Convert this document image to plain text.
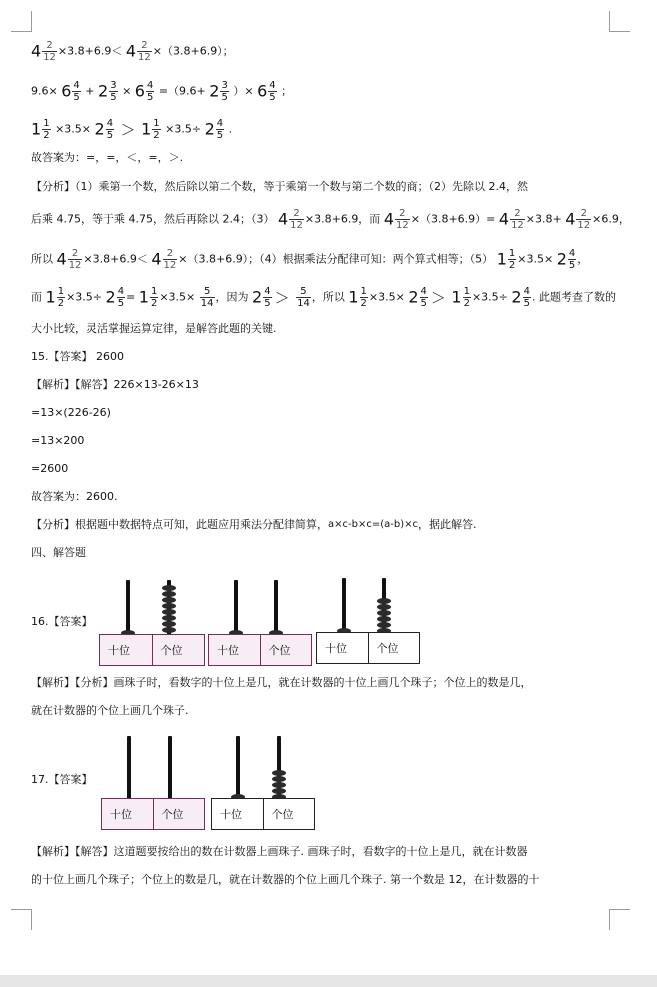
$4 \frac{2}{12} \times 3.8+6.9< 4 \frac{2}{12} \times(3.8+6.9)$；
$9.6\times 6 \frac{4}{5} + 2 \frac{3}{5} \times 6 \frac{4}{5} =(9.6+ 2 \frac{3}{5}$ ）× $6 \frac{4}{5}$ ；
$1 \frac{1}{2} \times 3.5\times 2 \frac{4}{5} > 1 \frac{1}{2} \times 3.5\div 2 \frac{4}{5}$ .
故答案为：=，=，＜，=，＞.
【分析】（1）乘第一个数，然后除以第二个数，等于乘第一个数与第二个数的商；（2）先除以 2.4，然
后乘 4.75，等于乘 4.75，然后再除以 2.4；（3） $4 \frac{2}{12} \times 3.8+6.9$，而 $4 \frac{2}{12} \times(3.8+6.9)= 4 \frac{2}{12} \times 3.8+ 4 \frac{2}{12} \times 6.9$，
所以 $4 \frac{2}{12} \times 3.8+6.9< 4 \frac{2}{12} \times(3.8+6.9)$；（4）根据乘法分配律可知：两个算式相等；（5） $1 \frac{1}{2} \times 3.5\times 2 \frac{4}{5}$ ，
而 $1 \frac{1}{2} \times 3.5\div 2 \frac{4}{5} = 1 \frac{1}{2} \times 3.5\times \frac{5}{14}$ ，因为 $2 \frac{4}{5} > \frac{5}{14}$ ，所以 $1 \frac{1}{2} \times 3.5\times 2 \frac{4}{5} > 1 \frac{1}{2} \times 3.5\div 2 \frac{4}{5}$ . 此题考查了数的
大小比较，灵活掌握运算定律，是解答此题的关键.
15.【答案】 2600
【解析】【解答】226×13-26×13
=13×(226-26)
=13×200
=2600
故答案为：2600.
【分析】根据题中数据特点可知，此题应用乘法分配律简算，a×c-b×c=(a-b)×c，据此解答.
四、解答题
16.【答案】
十位	个位	十位	个位	十位	个位
【解析】【分析】画珠子时，看数字的十位上是几，就在计数器的十位上画几个珠子；个位上的数是几，
就在计数器的个位上画几个珠子.
17.【答案】
十位	个位	十位	个位
【解析】【解答】这道题要按给出的数在计数器上画珠子. 画珠子时，看数字的十位上是几，就在计数器
的十位上画几个珠子；个位上的数是几，就在计数器的个位上画几个珠子. 第一个数是 12，在计数器的十
